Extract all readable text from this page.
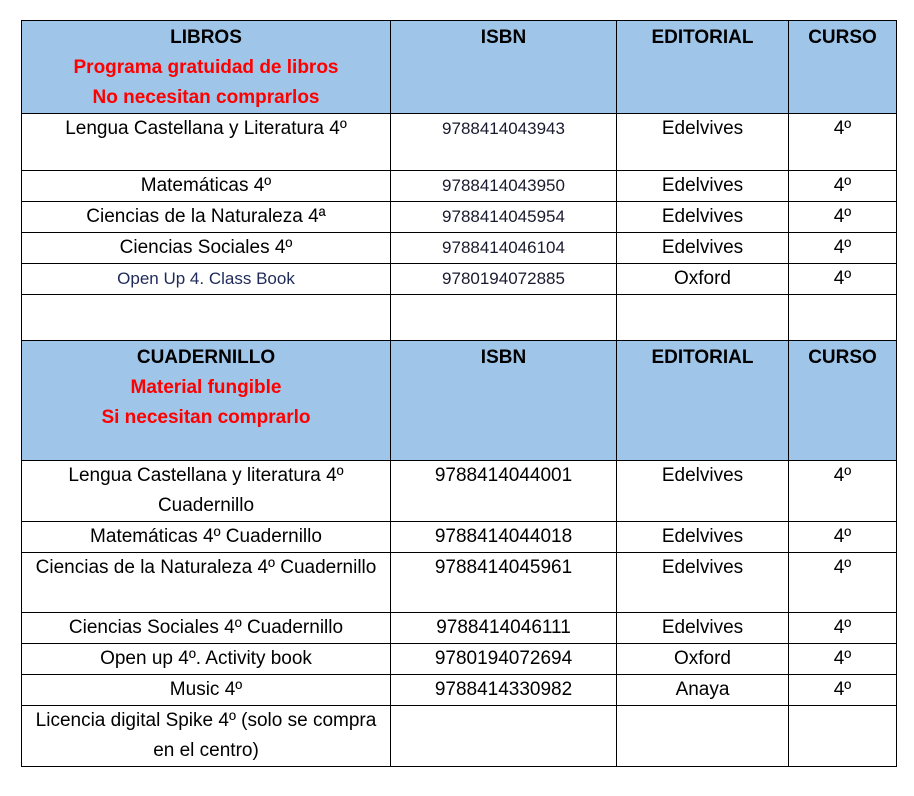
LIBROS
Programa gratuidad de libros
No necesitan comprarlos	ISBN	EDITORIAL	CURSO
Lengua Castellana y Literatura 4º	9788414043943	Edelvives	4º
Matemáticas 4º	9788414043950	Edelvives	4º
Ciencias de la Naturaleza 4ª	9788414045954	Edelvives	4º
Ciencias Sociales 4º	9788414046104	Edelvives	4º
Open Up 4. Class Book	9780194072885	Oxford	4º

CUADERNILLO
Material fungible
Si necesitan comprarlo	ISBN	EDITORIAL	CURSO
Lengua Castellana y literatura 4º Cuadernillo	9788414044001	Edelvives	4º
Matemáticas 4º Cuadernillo	9788414044018	Edelvives	4º
Ciencias de la Naturaleza 4º Cuadernillo	9788414045961	Edelvives	4º
Ciencias Sociales 4º Cuadernillo	9788414046111	Edelvives	4º
Open up 4º. Activity book	9780194072694	Oxford	4º
Music 4º	9788414330982	Anaya	4º
Licencia digital Spike 4º (solo se compra en el centro)			
